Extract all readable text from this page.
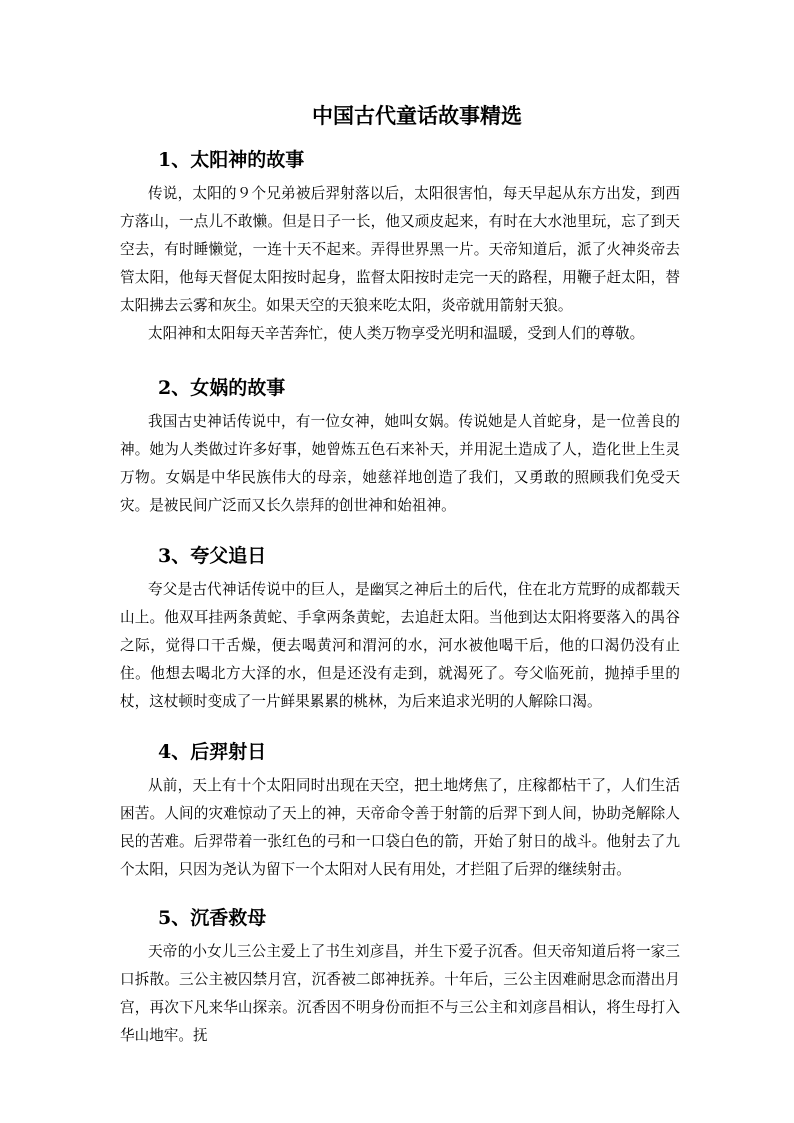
中国古代童话故事精选
1、太阳神的故事

传说，太阳的９个兄弟被后羿射落以后，太阳很害怕，每天早起从东方出发，到西方落山，一点儿不敢懒。但是日子一长，他又顽皮起来，有时在大水池里玩，忘了到天空去，有时睡懒觉，一连十天不起来。弄得世界黑一片。天帝知道后，派了火神炎帝去管太阳，他每天督促太阳按时起身，监督太阳按时走完一天的路程，用鞭子赶太阳，替太阳拂去云雾和灰尘。如果天空的天狼来吃太阳，炎帝就用箭射天狼。

太阳神和太阳每天辛苦奔忙，使人类万物享受光明和温暖，受到人们的尊敬。

2、女娲的故事

我国古史神话传说中，有一位女神，她叫女娲。传说她是人首蛇身，是一位善良的神。她为人类做过许多好事，她曾炼五色石来补天，并用泥土造成了人，造化世上生灵万物。女娲是中华民族伟大的母亲，她慈祥地创造了我们，又勇敢的照顾我们免受天灾。是被民间广泛而又长久崇拜的创世神和始祖神。

3、夸父追日

夸父是古代神话传说中的巨人，是幽冥之神后土的后代，住在北方荒野的成都载天山上。他双耳挂两条黄蛇、手拿两条黄蛇，去追赶太阳。当他到达太阳将要落入的禺谷之际，觉得口干舌燥，便去喝黄河和渭河的水，河水被他喝干后，他的口渴仍没有止住。他想去喝北方大泽的水，但是还没有走到，就渴死了。夸父临死前，抛掉手里的杖，这杖顿时变成了一片鲜果累累的桃林，为后来追求光明的人解除口渴。

4、后羿射日

从前，天上有十个太阳同时出现在天空，把土地烤焦了，庄稼都枯干了，人们生活困苦。人间的灾难惊动了天上的神，天帝命令善于射箭的后羿下到人间，协助尧解除人民的苦难。后羿带着一张红色的弓和一口袋白色的箭，开始了射日的战斗。他射去了九个太阳，只因为尧认为留下一个太阳对人民有用处，才拦阻了后羿的继续射击。

5、沉香救母

天帝的小女儿三公主爱上了书生刘彦昌，并生下爱子沉香。但天帝知道后将一家三口拆散。三公主被囚禁月宫，沉香被二郎神抚养。十年后，三公主因难耐思念而潜出月宫，再次下凡来华山探亲。沉香因不明身份而拒不与三公主和刘彦昌相认，将生母打入华山地牢。抚
